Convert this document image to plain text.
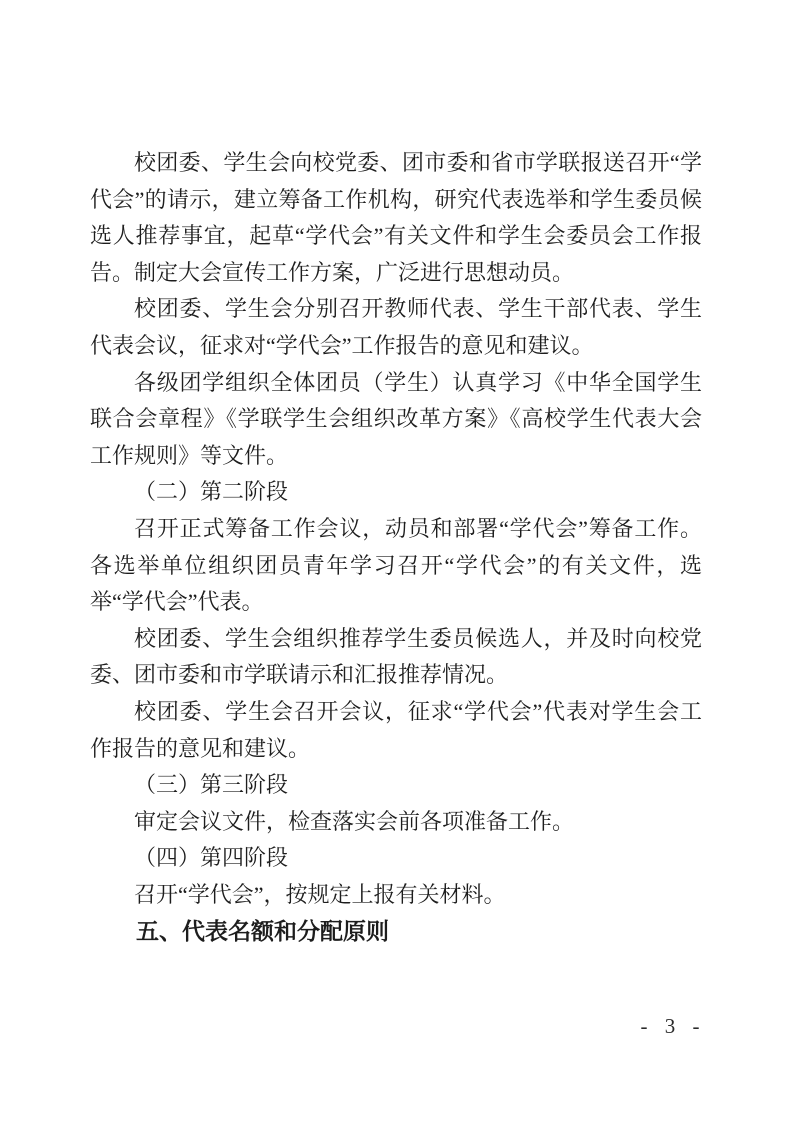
校团委、学生会向校党委、团市委和省市学联报送召开“学代会”的请示，建立筹备工作机构，研究代表选举和学生委员候选人推荐事宜，起草“学代会”有关文件和学生会委员会工作报告。制定大会宣传工作方案，广泛进行思想动员。

校团委、学生会分别召开教师代表、学生干部代表、学生代表会议，征求对“学代会”工作报告的意见和建议。

各级团学组织全体团员（学生）认真学习《中华全国学生联合会章程》《学联学生会组织改革方案》《高校学生代表大会工作规则》等文件。

（二）第二阶段

召开正式筹备工作会议，动员和部署“学代会”筹备工作。各选举单位组织团员青年学习召开“学代会”的有关文件，选举“学代会”代表。

校团委、学生会组织推荐学生委员候选人，并及时向校党委、团市委和市学联请示和汇报推荐情况。

校团委、学生会召开会议，征求“学代会”代表对学生会工作报告的意见和建议。

（三）第三阶段

审定会议文件，检查落实会前各项准备工作。

（四）第四阶段

召开“学代会”，按规定上报有关材料。

五、代表名额和分配原则

- 3 -
